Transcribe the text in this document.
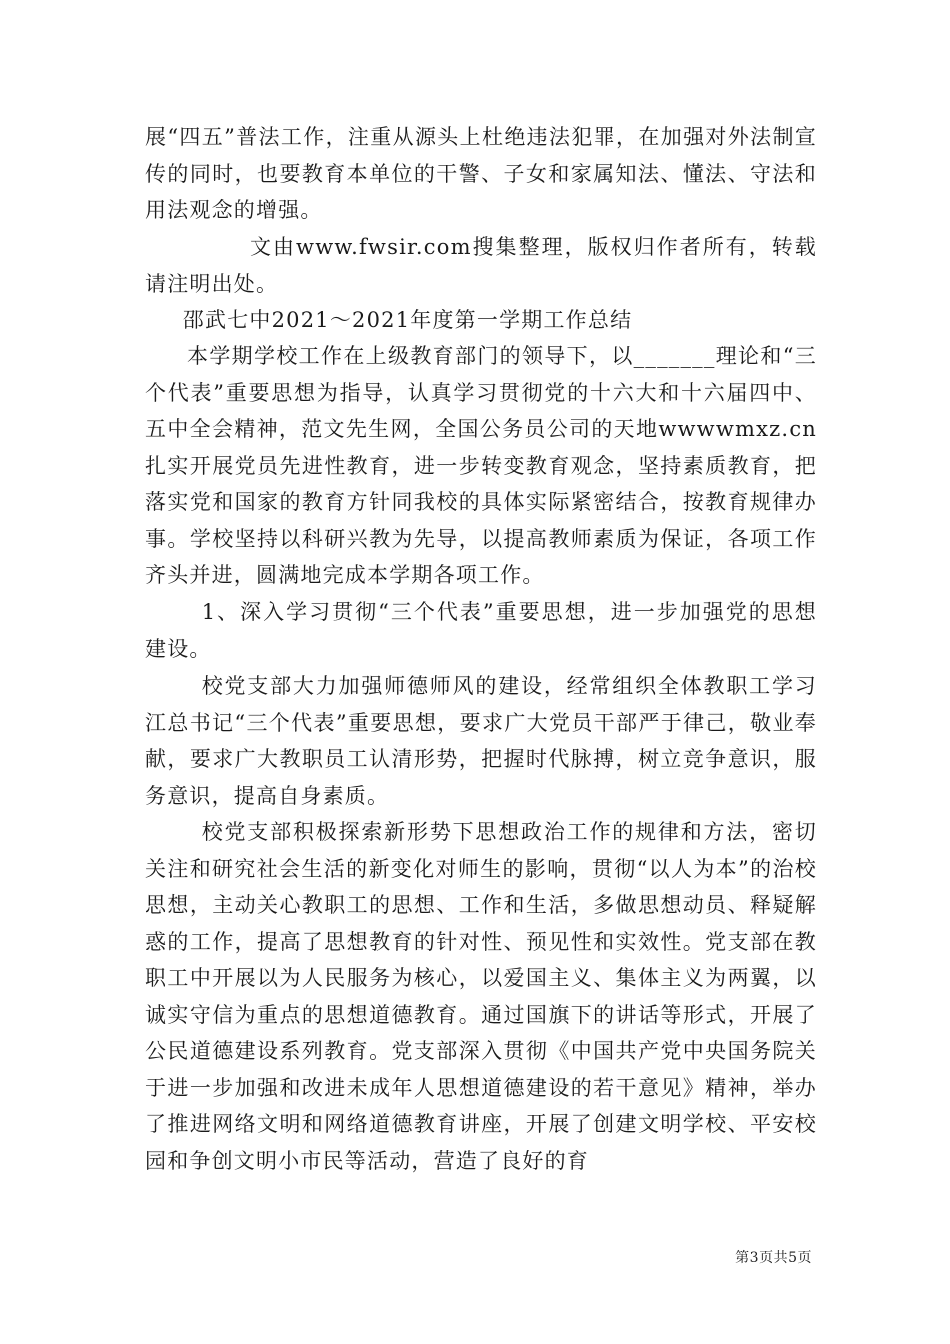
展“四五”普法工作，注重从源头上杜绝违法犯罪，在加强对外法制宣传的同时，也要教育本单位的干警、子女和家属知法、懂法、守法和用法观念的增强。

文由www.fwsir.com搜集整理，版权归作者所有，转载请注明出处。

邵武七中2021～2021年度第一学期工作总结

本学期学校工作在上级教育部门的领导下，以_______理论和“三个代表”重要思想为指导，认真学习贯彻党的十六大和十六届四中、五中全会精神，范文先生网，全国公务员公司的天地wwwwmxz.cn扎实开展党员先进性教育，进一步转变教育观念，坚持素质教育，把落实党和国家的教育方针同我校的具体实际紧密结合，按教育规律办事。学校坚持以科研兴教为先导，以提高教师素质为保证，各项工作齐头并进，圆满地完成本学期各项工作。

1、深入学习贯彻“三个代表”重要思想，进一步加强党的思想建设。

校党支部大力加强师德师风的建设，经常组织全体教职工学习江总书记“三个代表”重要思想，要求广大党员干部严于律己，敬业奉献，要求广大教职员工认清形势，把握时代脉搏，树立竞争意识，服务意识，提高自身素质。

校党支部积极探索新形势下思想政治工作的规律和方法，密切关注和研究社会生活的新变化对师生的影响，贯彻“以人为本”的治校思想，主动关心教职工的思想、工作和生活，多做思想动员、释疑解惑的工作，提高了思想教育的针对性、预见性和实效性。党支部在教职工中开展以为人民服务为核心，以爱国主义、集体主义为两翼，以诚实守信为重点的思想道德教育。通过国旗下的讲话等形式，开展了公民道德建设系列教育。党支部深入贯彻《中国共产党中央国务院关于进一步加强和改进未成年人思想道德建设的若干意见》精神，举办了推进网络文明和网络道德教育讲座，开展了创建文明学校、平安校园和争创文明小市民等活动，营造了良好的育

第3页共5页
